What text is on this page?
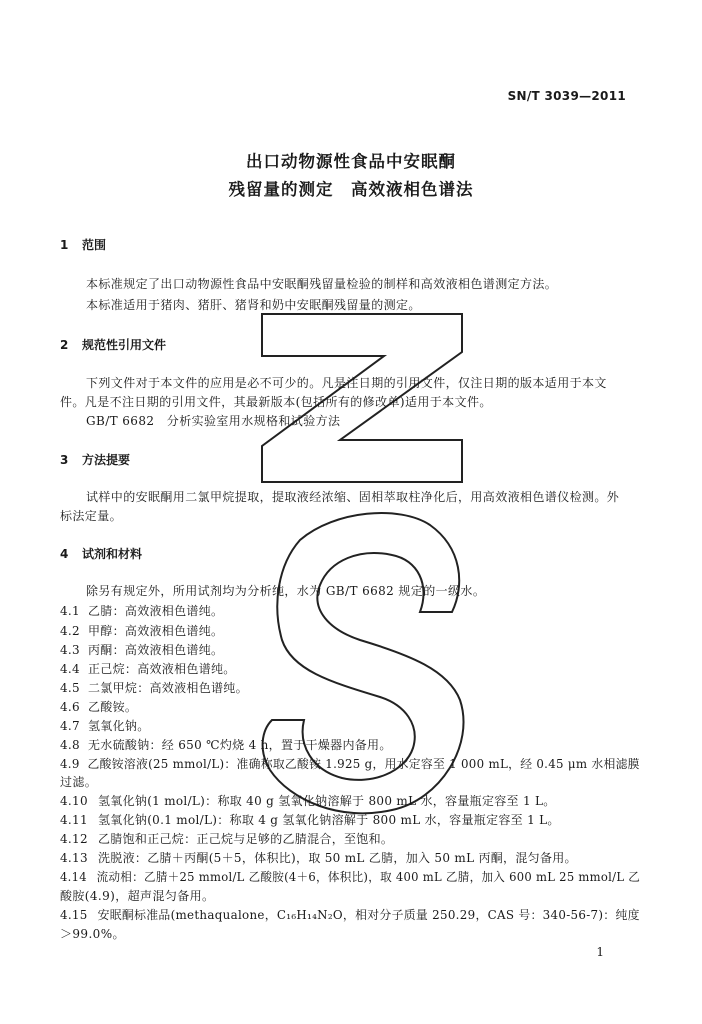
SN/T 3039—2011
出口动物源性食品中安眠酮
残留量的测定　高效液相色谱法
1 范围
本标准规定了出口动物源性食品中安眠酮残留量检验的制样和高效液相色谱测定方法。
本标准适用于猪肉、猪肝、猪肾和奶中安眠酮残留量的测定。
2 规范性引用文件
下列文件对于本文件的应用是必不可少的。凡是注日期的引用文件，仅注日期的版本适用于本文
件。凡是不注日期的引用文件，其最新版本(包括所有的修改单)适用于本文件。
GB/T 6682　分析实验室用水规格和试验方法
3 方法提要
试样中的安眠酮用二氯甲烷提取，提取液经浓缩、固相萃取柱净化后，用高效液相色谱仪检测。外
标法定量。
4 试剂和材料
除另有规定外，所用试剂均为分析纯，水为 GB/T 6682 规定的一级水。
4.1 乙腈：高效液相色谱纯。
4.2 甲醇：高效液相色谱纯。
4.3 丙酮：高效液相色谱纯。
4.4 正己烷：高效液相色谱纯。
4.5 二氯甲烷：高效液相色谱纯。
4.6 乙酸铵。
4.7 氢氧化钠。
4.8 无水硫酸钠：经 650 ℃灼烧 4 h，置于干燥器内备用。
4.9 乙酸铵溶液(25 mmol/L)：准确称取乙酸铵 1.925 g，用水定容至 1 000 mL，经 0.45 μm 水相滤膜
过滤。
4.10 氢氧化钠(1 mol/L)：称取 40 g 氢氧化钠溶解于 800 mL 水，容量瓶定容至 1 L。
4.11 氢氧化钠(0.1 mol/L)：称取 4 g 氢氧化钠溶解于 800 mL 水，容量瓶定容至 1 L。
4.12 乙腈饱和正己烷：正己烷与足够的乙腈混合，至饱和。
4.13 洗脱液：乙腈＋丙酮(5＋5，体积比)，取 50 mL 乙腈，加入 50 mL 丙酮，混匀备用。
4.14 流动相：乙腈＋25 mmol/L 乙酸胺(4＋6，体积比)，取 400 mL 乙腈，加入 600 mL 25 mmol/L 乙
酸胺(4.9)，超声混匀备用。
4.15 安眠酮标准品(methaqualone，C₁₆H₁₄N₂O，相对分子质量 250.29，CAS 号：340-56-7)：纯度
＞99.0%。
1
